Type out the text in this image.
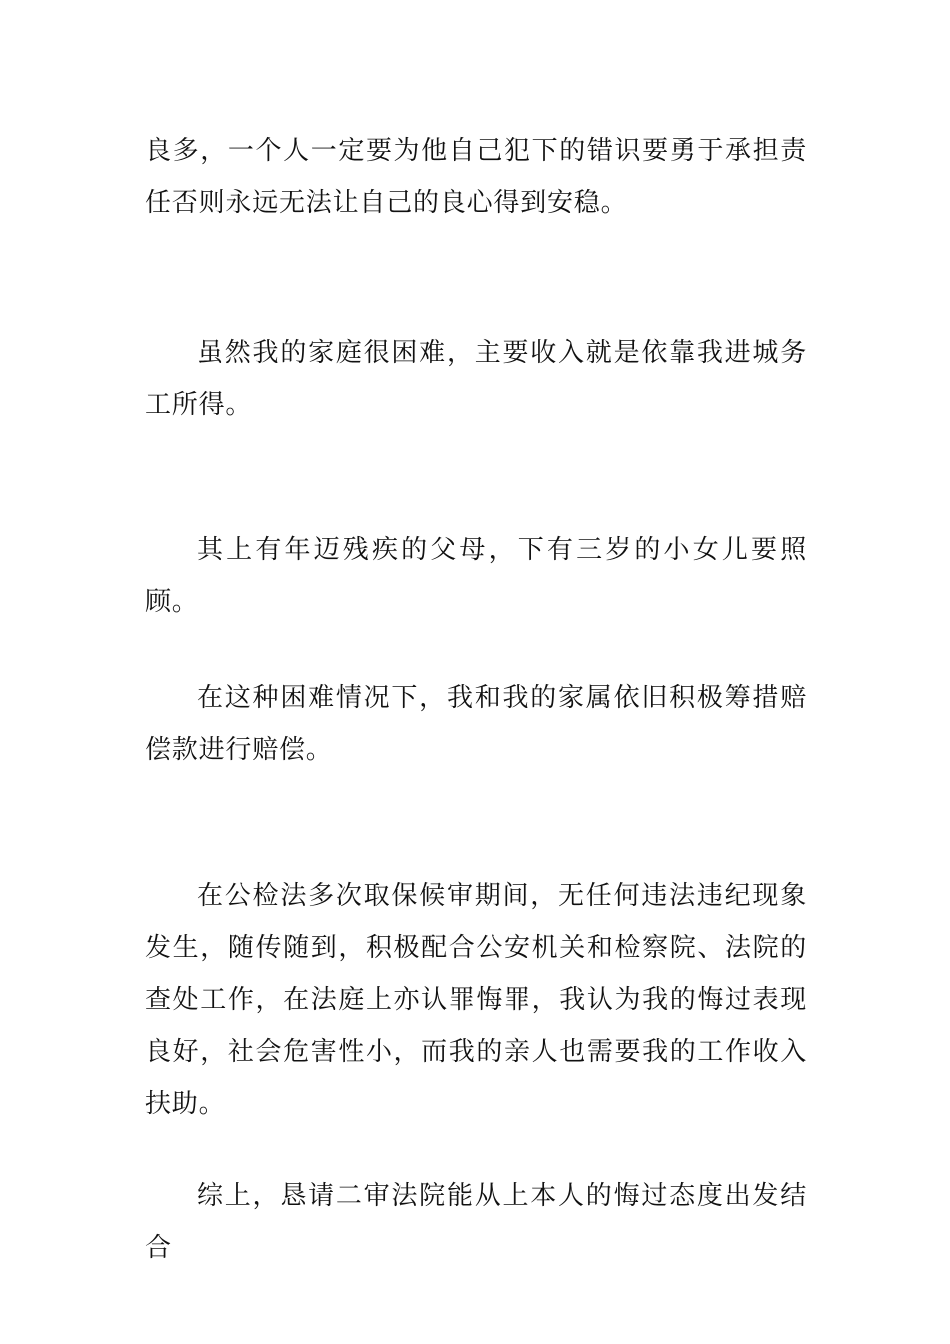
良多，一个人一定要为他自己犯下的错识要勇于承担责任否则永远无法让自己的良心得到安稳。

虽然我的家庭很困难，主要收入就是依靠我进城务工所得。

其上有年迈残疾的父母，下有三岁的小女儿要照顾。

在这种困难情况下，我和我的家属依旧积极筹措赔偿款进行赔偿。

在公检法多次取保候审期间，无任何违法违纪现象发生，随传随到，积极配合公安机关和检察院、法院的查处工作，在法庭上亦认罪悔罪，我认为我的悔过表现良好，社会危害性小，而我的亲人也需要我的工作收入扶助。

综上，恳请二审法院能从上本人的悔过态度出发结合
